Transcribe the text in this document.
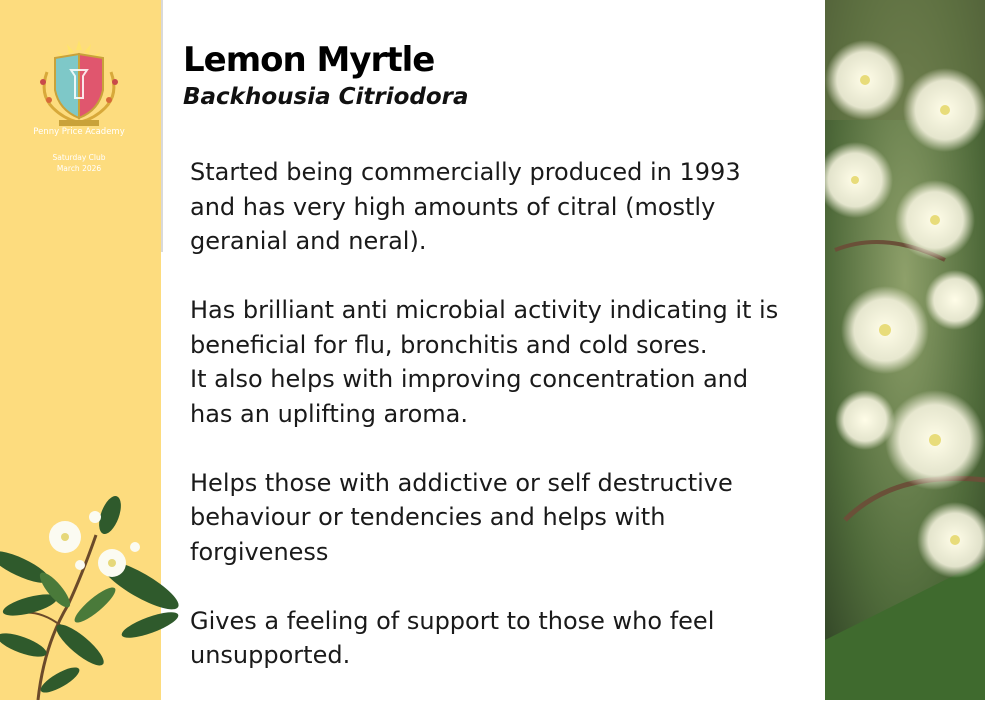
Penny Price Academy
Saturday Club
March 2026
Lemon Myrtle
Backhousia Citriodora

Started being commercially produced in 1993
and has very high amounts of citral (mostly
geranial and neral).

Has brilliant anti microbial activity indicating it is
beneficial for flu, bronchitis and cold sores.
It also helps with improving concentration and
has an uplifting aroma.

Helps those with addictive or self destructive
behaviour or tendencies and helps with
forgiveness

Gives a feeling of support to those who feel
unsupported.
